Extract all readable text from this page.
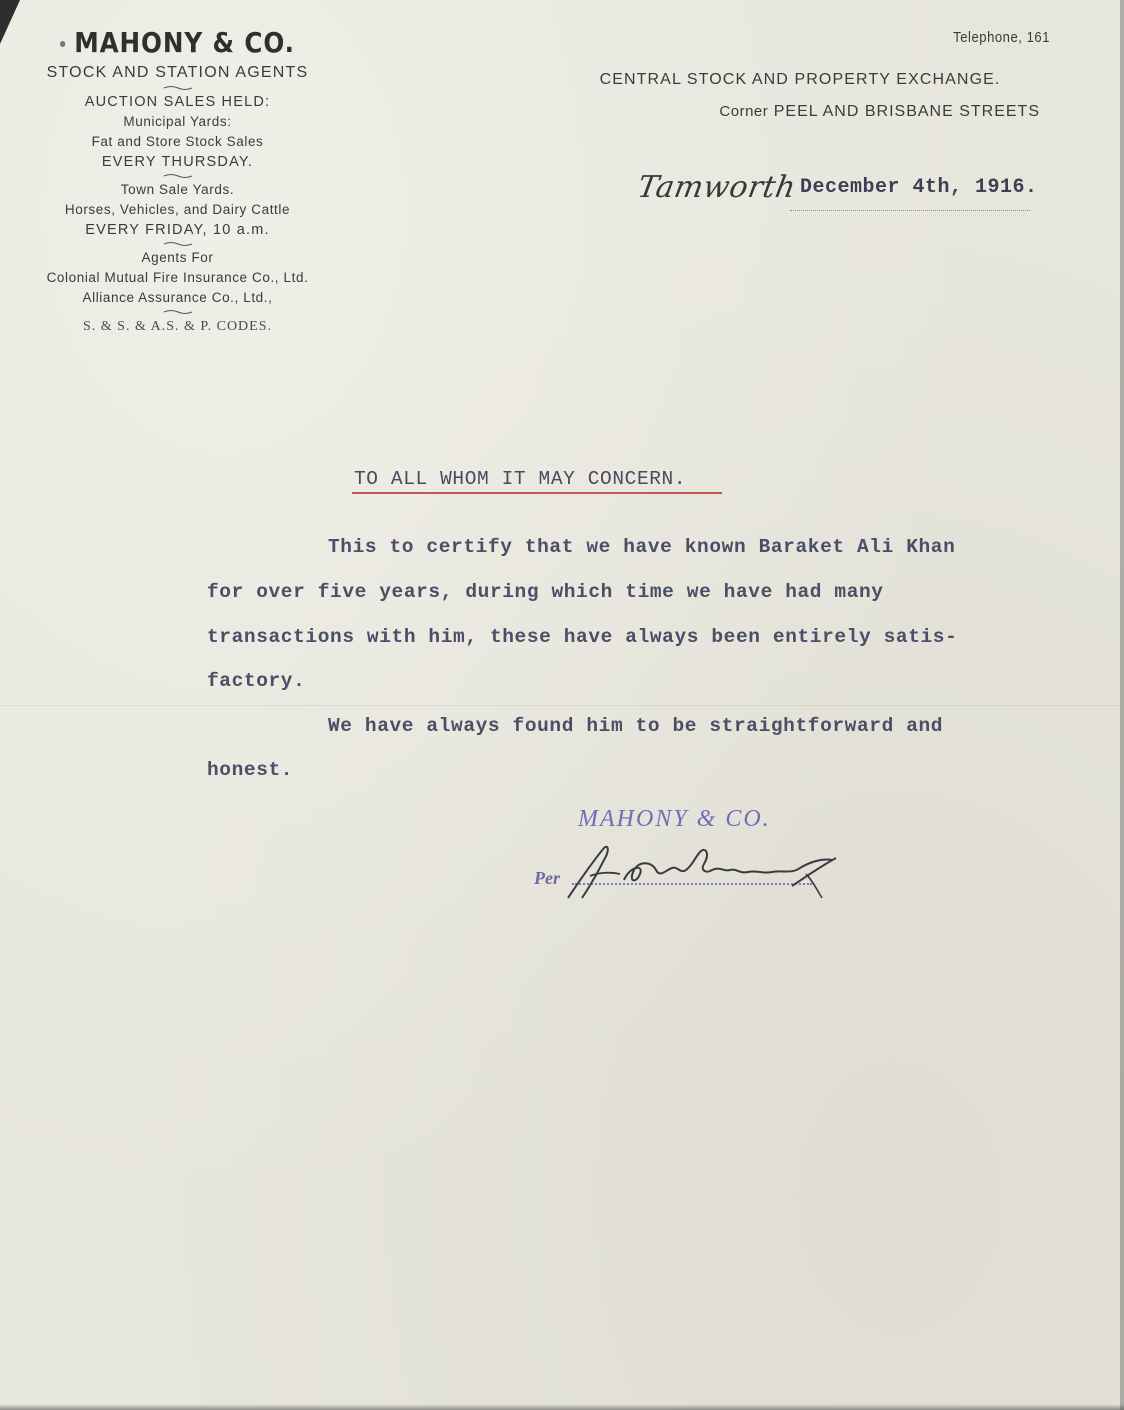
MAHONY & CO.
STOCK AND STATION AGENTS
AUCTION SALES HELD:
Municipal Yards:
Fat and Store Stock Sales
EVERY THURSDAY.
Town Sale Yards.
Horses, Vehicles, and Dairy Cattle
EVERY FRIDAY, 10 a.m.
Agents For
Colonial Mutual Fire Insurance Co., Ltd.
Alliance Assurance Co., Ltd.,
S. & S. & A.S. & P. CODES.
Telephone, 161
CENTRAL STOCK AND PROPERTY EXCHANGE.
Corner PEEL AND BRISBANE STREETS
Tamworth December 4th, 1916.
TO ALL WHOM IT MAY CONCERN.
This to certify that we have known Baraket Ali Khan
for over five years, during which time we have had many
transactions with him, these have always been entirely satis-
factory.
We have always found him to be straightforward and
honest.
MAHONY & CO.
Per
